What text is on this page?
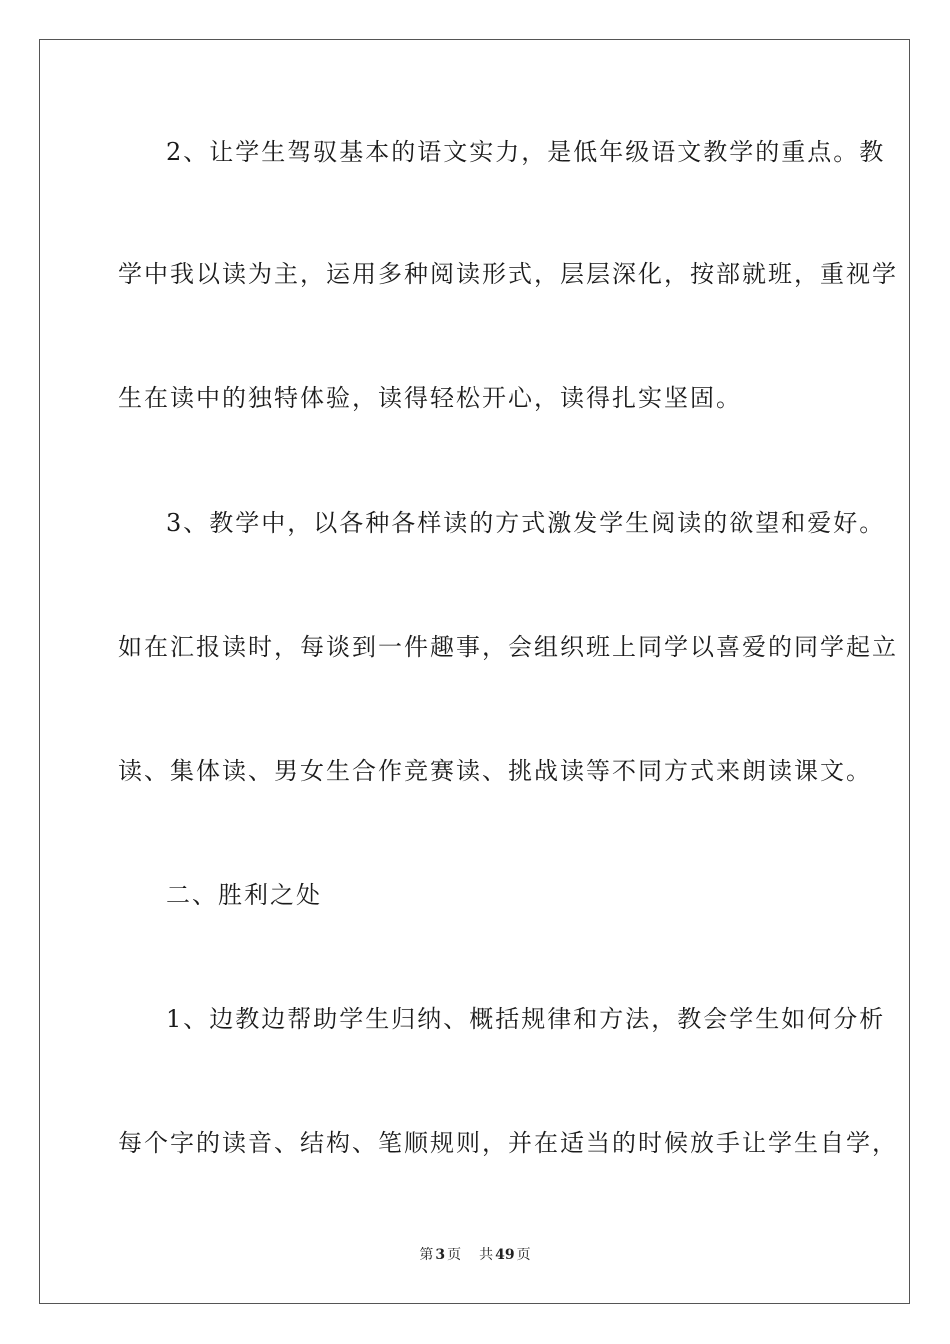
2、让学生驾驭基本的语文实力，是低年级语文教学的重点。教
学中我以读为主，运用多种阅读形式，层层深化，按部就班，重视学
生在读中的独特体验，读得轻松开心，读得扎实坚固。
3、教学中，以各种各样读的方式激发学生阅读的欲望和爱好。
如在汇报读时，每谈到一件趣事，会组织班上同学以喜爱的同学起立
读、集体读、男女生合作竞赛读、挑战读等不同方式来朗读课文。
二、胜利之处
1、边教边帮助学生归纳、概括规律和方法，教会学生如何分析
每个字的读音、结构、笔顺规则，并在适当的时候放手让学生自学，
第 3 页 共 49 页
